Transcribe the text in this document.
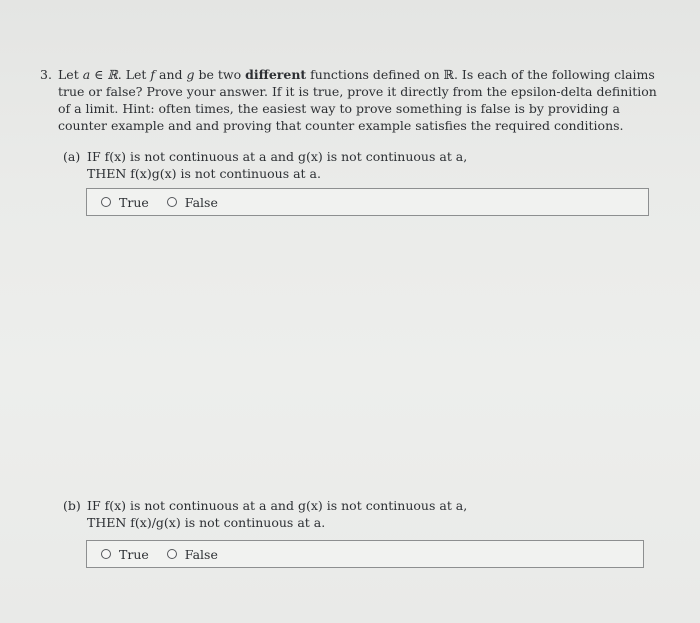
3. Let a ∈ ℝ. Let f and g be two different functions defined on ℝ. Is each of the following claims true or false? Prove your answer. If it is true, prove it directly from the epsilon-delta definition of a limit. Hint: often times, the easiest way to prove something is false is by providing a counter example and and proving that counter example satisfies the required conditions.
(a) IF f(x) is not continuous at a and g(x) is not continuous at a,
THEN f(x)g(x) is not continuous at a.
True	False
(b) IF f(x) is not continuous at a and g(x) is not continuous at a,
THEN f(x)/g(x) is not continuous at a.
True	False
